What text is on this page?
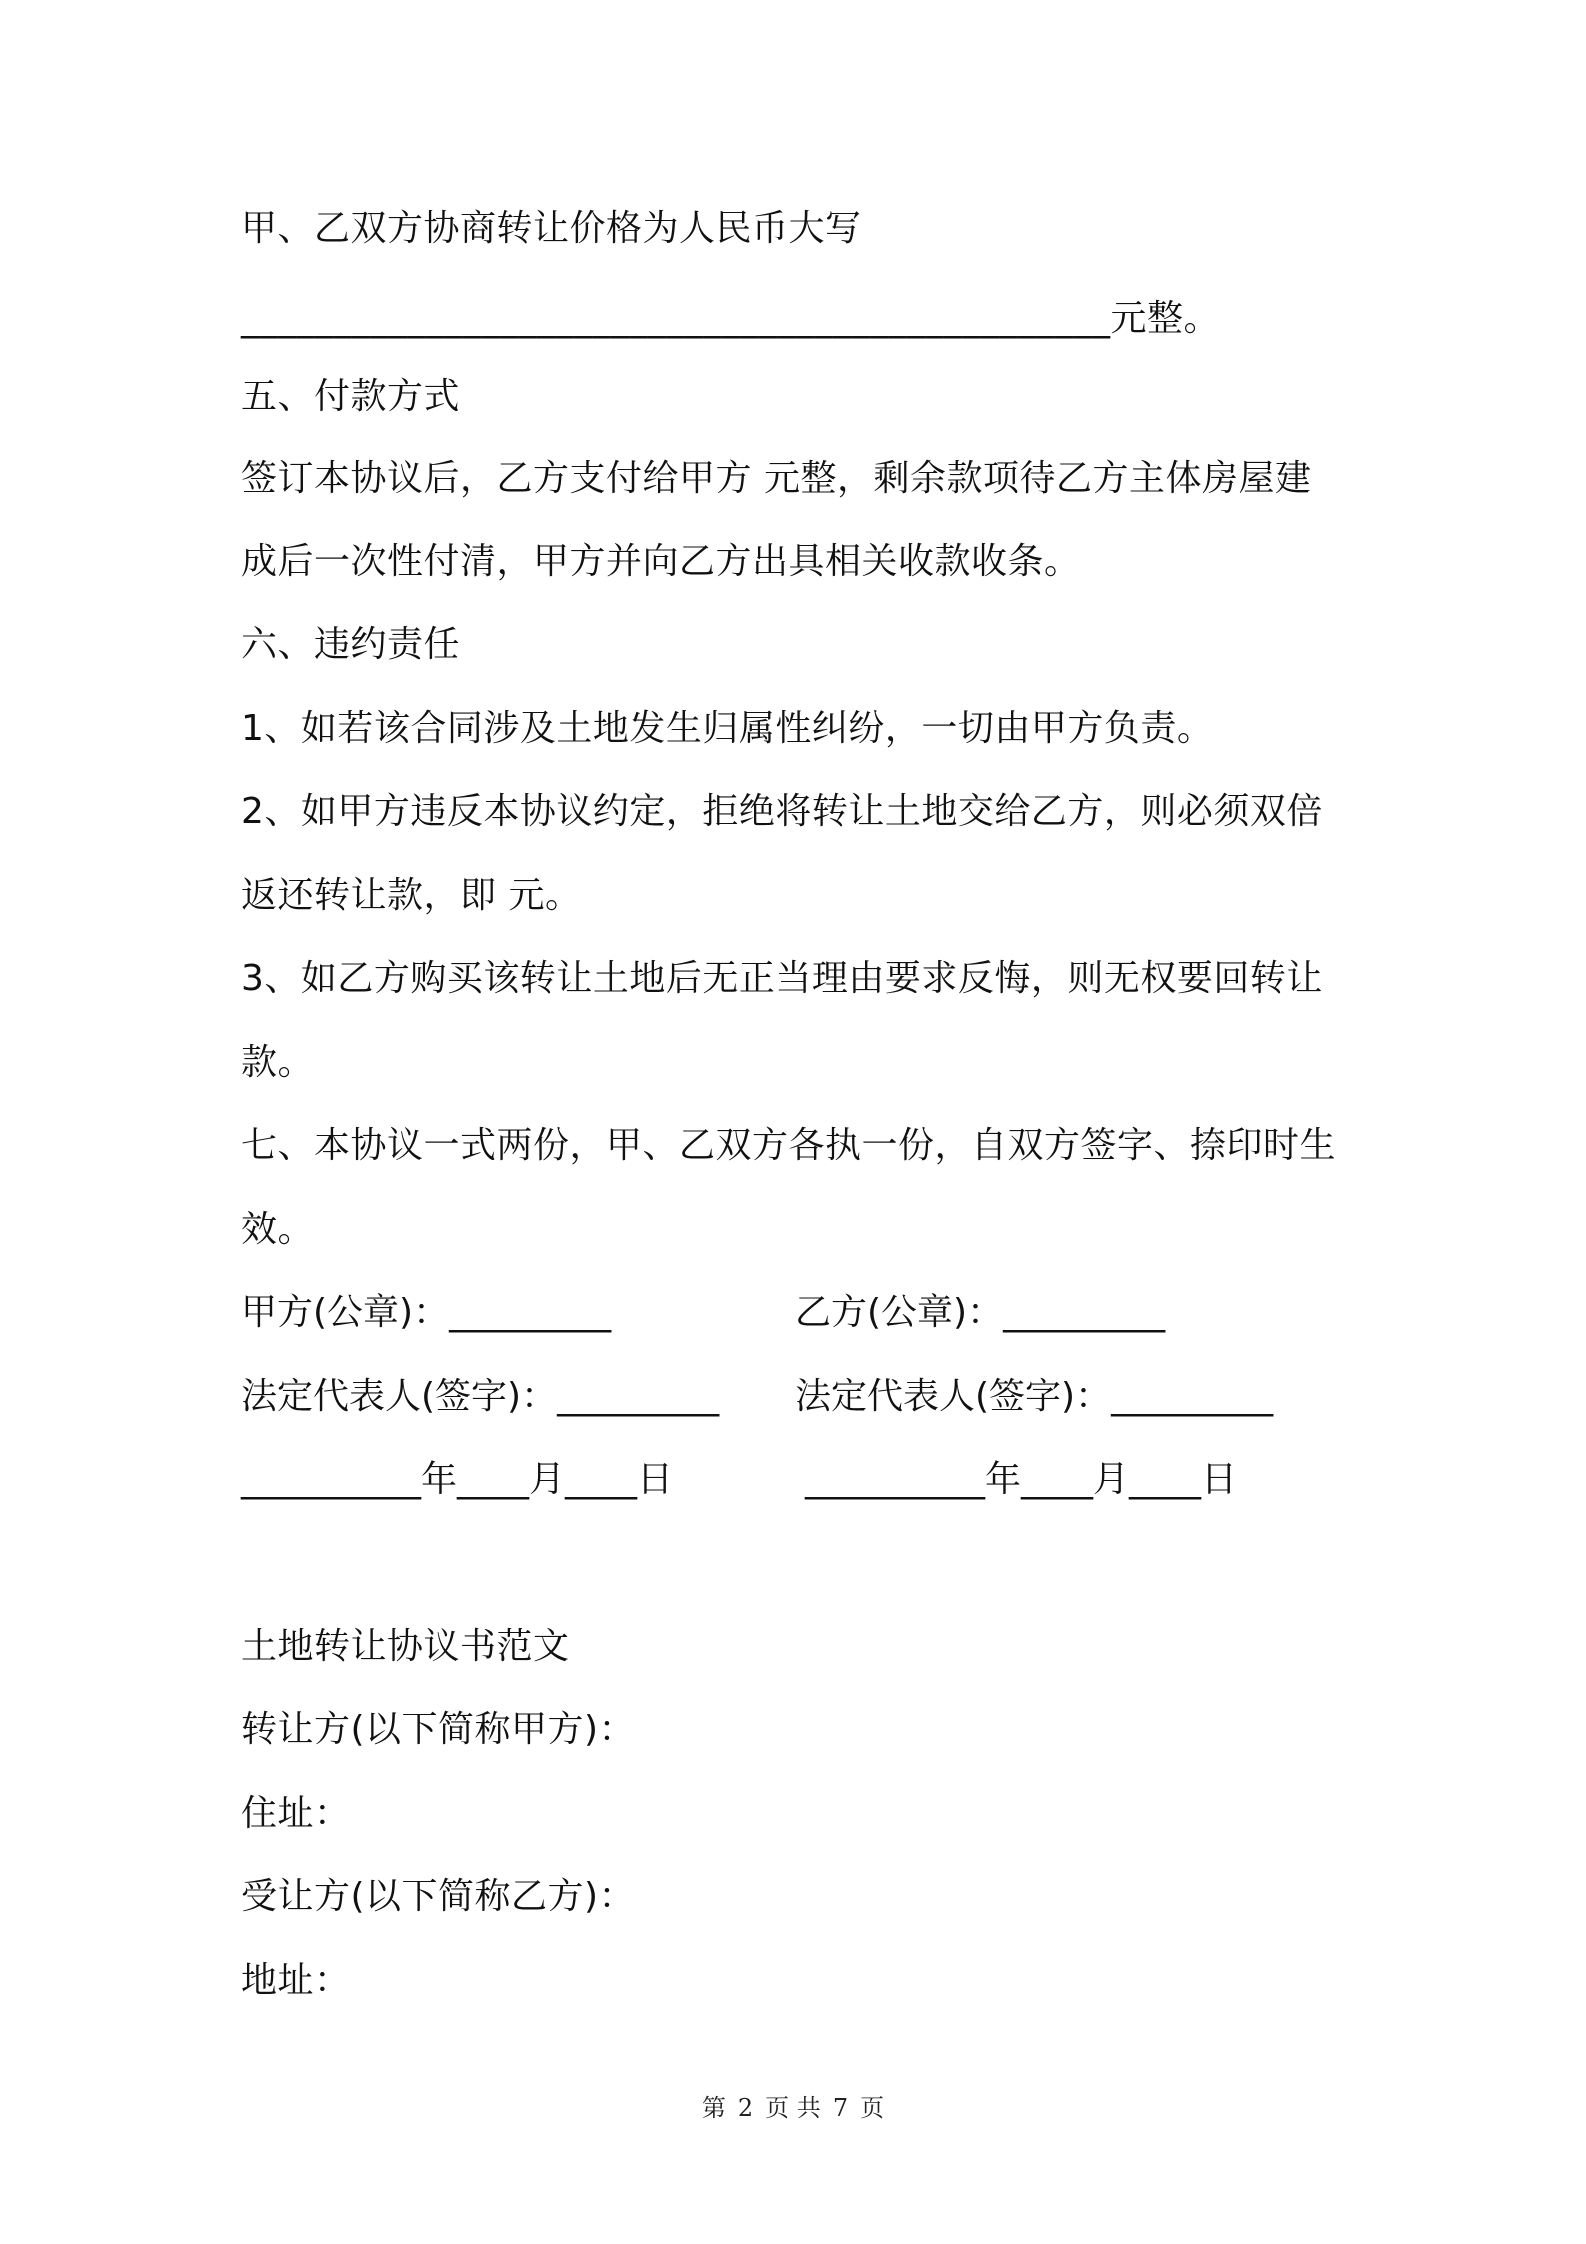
甲、乙双方协商转让价格为人民币大写
_______________________________________________元整。
五、付款方式
签订本协议后，乙方支付给甲方 元整，剩余款项待乙方主体房屋建
成后一次性付清，甲方并向乙方出具相关收款收条。
六、违约责任
1、如若该合同涉及土地发生归属性纠纷，一切由甲方负责。
2、如甲方违反本协议约定，拒绝将转让土地交给乙方，则必须双倍
返还转让款，即 元。
3、如乙方购买该转让土地后无正当理由要求反悔，则无权要回转让
款。
七、本协议一式两份，甲、乙双方各执一份，自双方签字、捺印时生
效。
甲方(公章)：_________	乙方(公章)：_________
法定代表人(签字)：_________ 法定代表人(签字)：_________
__________年____月____日	__________年____月____日
土地转让协议书范文
转让方(以下简称甲方)：
住址：
受让方(以下简称乙方)：
地址：
第 2 页 共 7 页
